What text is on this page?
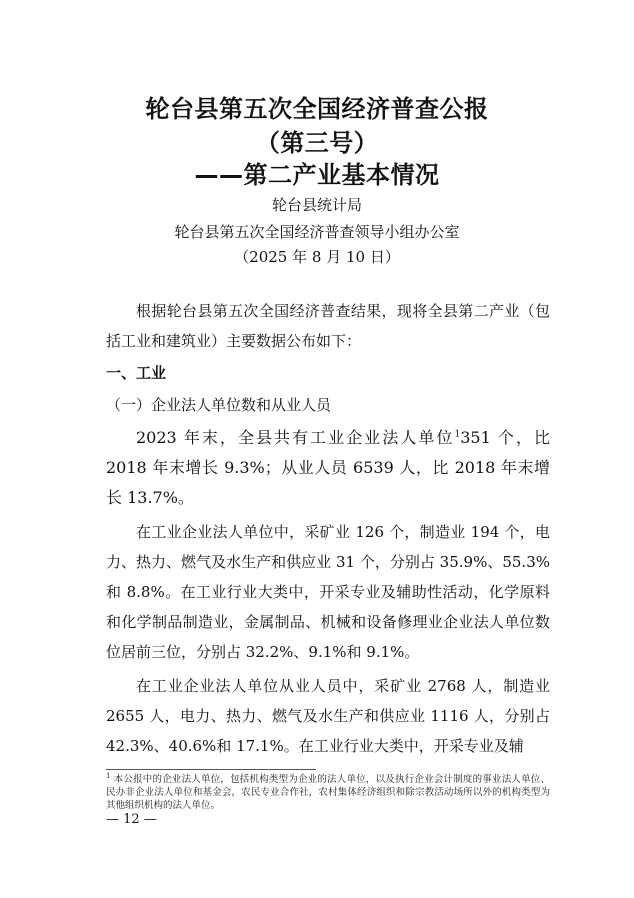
轮台县第五次全国经济普查公报
（第三号）
——第二产业基本情况
轮台县统计局
轮台县第五次全国经济普查领导小组办公室
（2025 年 8 月 10 日）

根据轮台县第五次全国经济普查结果，现将全县第二产业（包括工业和建筑业）主要数据公布如下：

一、工业

（一）企业法人单位数和从业人员

2023 年末，全县共有工业企业法人单位$^1$351 个，比 2018 年末增长 9.3%；从业人员 6539 人，比 2018 年末增长 13.7%。

在工业企业法人单位中，采矿业 126 个，制造业 194 个，电力、热力、燃气及水生产和供应业 31 个，分别占 35.9%、55.3% 和 8.8%。在工业行业大类中，开采专业及辅助性活动，化学原料和化学制品制造业，金属制品、机械和设备修理业企业法人单位数位居前三位，分别占 32.2%、9.1%和 9.1%。

在工业企业法人单位从业人员中，采矿业 2768 人，制造业 2655 人，电力、热力、燃气及水生产和供应业 1116 人，分别占 42.3%、40.6%和 17.1%。在工业行业大类中，开采专业及辅

$^1$ 本公报中的企业法人单位，包括机构类型为企业的法人单位，以及执行企业会计制度的事业法人单位、民办非企业法人单位和基金会，农民专业合作社，农村集体经济组织和除宗教活动场所以外的机构类型为其他组织机构的法人单位。
— 12 —
